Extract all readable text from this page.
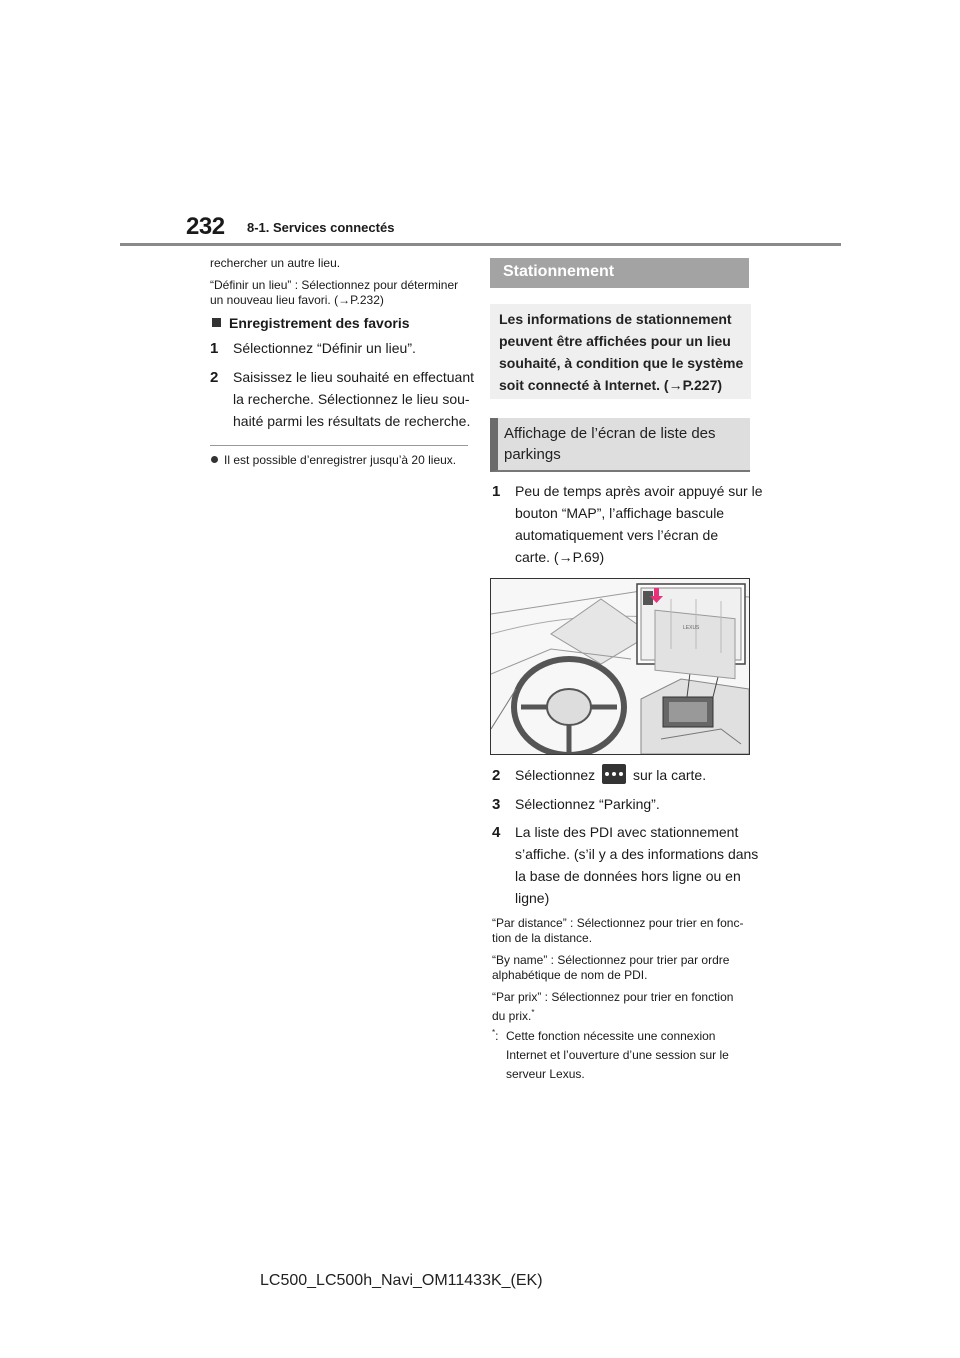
232 8-1. Services connectés
rechercher un autre lieu.
“Définir un lieu” : Sélectionnez pour déterminer
un nouveau lieu favori. (→P.232)
Enregistrement des favoris
1 Sélectionnez “Définir un lieu”.
2 Saisissez le lieu souhaité en effectuant
la recherche. Sélectionnez le lieu sou-
haité parmi les résultats de recherche.
Il est possible d’enregistrer jusqu’à 20 lieux.
Stationnement
Les informations de stationnement
peuvent être affichées pour un lieu
souhaité, à condition que le système
soit connecté à Internet. (→P.227)
Affichage de l’écran de liste des
parkings
1 Peu de temps après avoir appuyé sur le
bouton “MAP”, l’affichage bascule
automatiquement vers l’écran de
carte. (→P.69)
LEXUS
2 Sélectionnez	sur la carte.
3 Sélectionnez “Parking”.
4 La liste des PDI avec stationnement
s’affiche. (s’il y a des informations dans
la base de données hors ligne ou en
ligne)
“Par distance” : Sélectionnez pour trier en fonc-
tion de la distance.
“By name” : Sélectionnez pour trier par ordre
alphabétique de nom de PDI.
“Par prix” : Sélectionnez pour trier en fonction
du prix.*
*: Cette fonction nécessite une connexion
Internet et l’ouverture d’une session sur le
serveur Lexus.
LC500_LC500h_Navi_OM11433K_(EK)
